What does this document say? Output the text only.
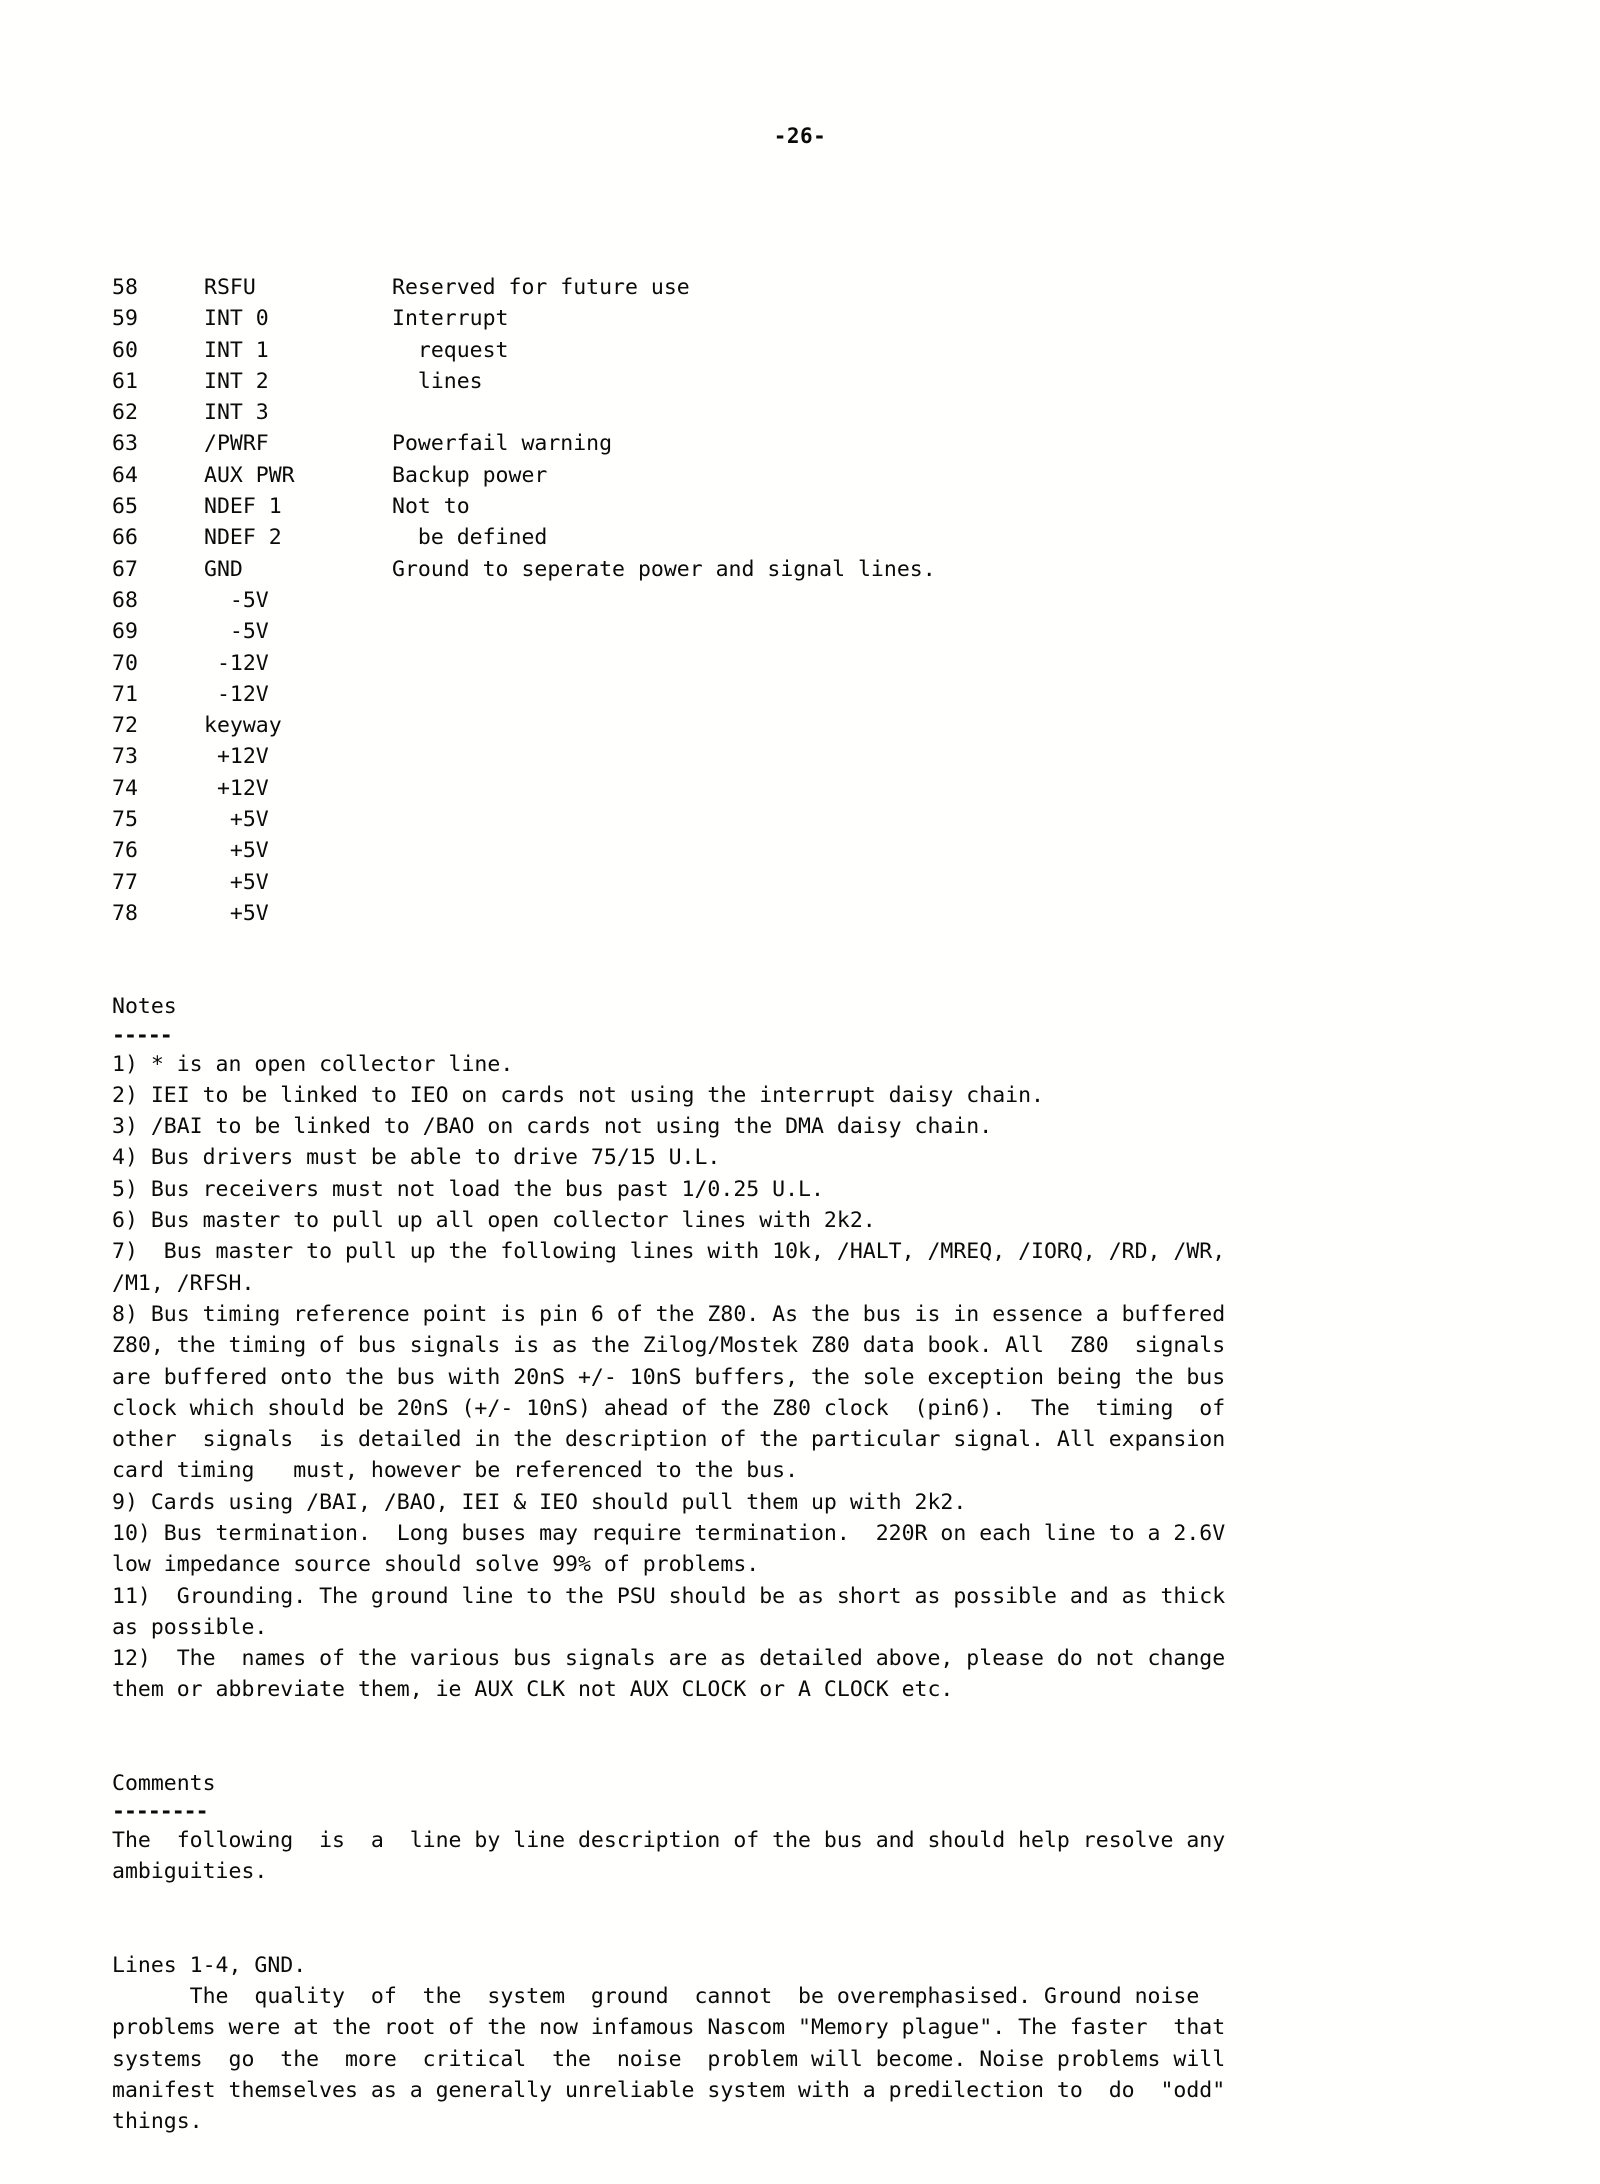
-26-
58	RSFU	Reserved for future use
59	INT 0	Interrupt
60	INT 1	request
61	INT 2	lines
62	INT 3	
63	/PWRF	Powerfail warning
64	AUX PWR	Backup power
65	NDEF 1	Not to
66	NDEF 2	be defined
67	GND	Ground to seperate power and signal lines.
68	-5V	
69	-5V	
70	-12V	
71	-12V	
72	keyway	
73	+12V	
74	+12V	
75	+5V	
76	+5V	
77	+5V	
78	+5V	
Notes
-----
1) * is an open collector line.
2) IEI to be linked to IEO on cards not using the interrupt daisy chain.
3) /BAI to be linked to /BAO on cards not using the DMA daisy chain.
4) Bus drivers must be able to drive 75/15 U.L.
5) Bus receivers must not load the bus past 1/0.25 U.L.
6) Bus master to pull up all open collector lines with 2k2.
7)  Bus master to pull up the following lines with 10k, /HALT, /MREQ, /IORQ, /RD, /WR,
/M1, /RFSH.
8) Bus timing reference point is pin 6 of the Z80. As the bus is in essence a buffered
Z80, the timing of bus signals is as the Zilog/Mostek Z80 data book. All  Z80  signals
are buffered onto the bus with 20nS +/- 10nS buffers, the sole exception being the bus
clock which should be 20nS (+/- 10nS) ahead of the Z80 clock  (pin6).  The  timing  of
other  signals  is detailed in the description of the particular signal. All expansion
card timing   must, however be referenced to the bus.
9) Cards using /BAI, /BAO, IEI & IEO should pull them up with 2k2.
10) Bus termination.  Long buses may require termination.  220R on each line to a 2.6V
low impedance source should solve 99% of problems.
11)  Grounding. The ground line to the PSU should be as short as possible and as thick
as possible.
12)  The  names of the various bus signals are as detailed above, please do not change
them or abbreviate them, ie AUX CLK not AUX CLOCK or A CLOCK etc.
Comments
--------
The  following  is  a  line by line description of the bus and should help resolve any
ambiguities.
Lines 1-4, GND.
The  quality  of  the  system  ground  cannot  be overemphasised. Ground noise
problems were at the root of the now infamous Nascom "Memory plague". The faster  that
systems  go  the  more  critical  the  noise  problem will become. Noise problems will
manifest themselves as a generally unreliable system with a predilection to  do  "odd"
things.
